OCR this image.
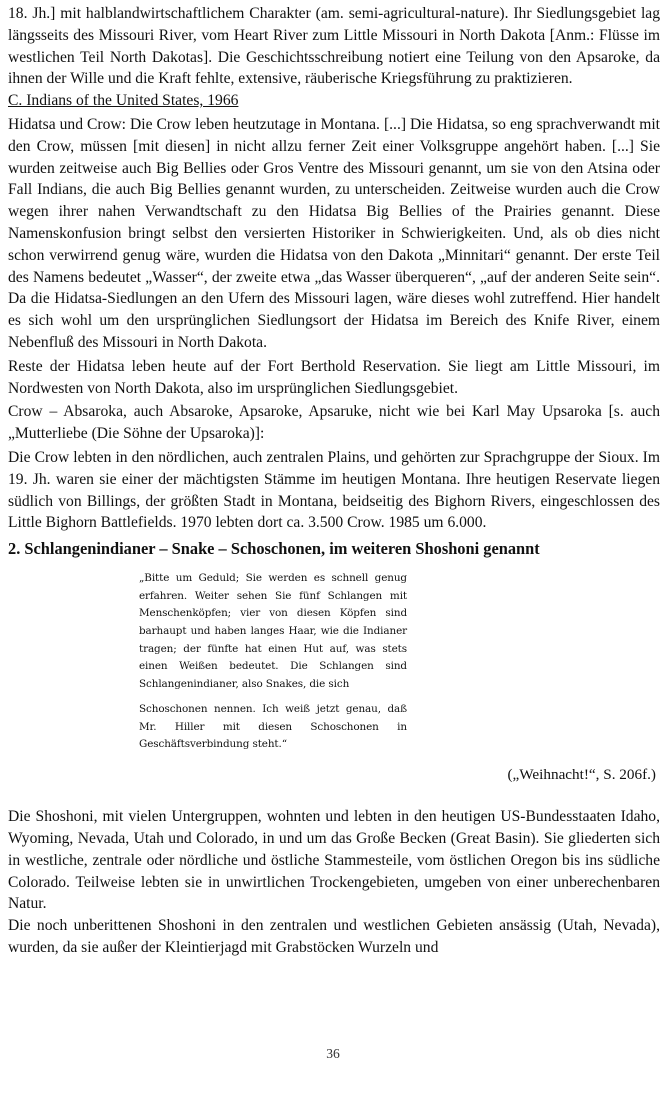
18. Jh.] mit halblandwirtschaftlichem Charakter (am. semi-agricultural-nature). Ihr Siedlungsgebiet lag längsseits des Missouri River, vom Heart River zum Little Missouri in North Dakota [Anm.: Flüsse im westlichen Teil North Dakotas]. Die Geschichtsschreibung notiert eine Teilung von den Apsaroke, da ihnen der Wille und die Kraft fehlte, extensive, räuberische Kriegsführung zu praktizieren.

C. Indians of the United States, 1966

Hidatsa und Crow: Die Crow leben heutzutage in Montana. [...] Die Hidatsa, so eng sprachverwandt mit den Crow, müssen [mit diesen] in nicht allzu ferner Zeit einer Volksgruppe angehört haben. [...] Sie wurden zeitweise auch Big Bellies oder Gros Ventre des Missouri genannt, um sie von den Atsina oder Fall Indians, die auch Big Bellies genannt wurden, zu unterscheiden. Zeitweise wurden auch die Crow wegen ihrer nahen Verwandtschaft zu den Hidatsa Big Bellies of the Prairies genannt. Diese Namenskonfusion bringt selbst den versierten Historiker in Schwierigkeiten. Und, als ob dies nicht schon verwirrend genug wäre, wurden die Hidatsa von den Dakota „Minnitari“ genannt. Der erste Teil des Namens bedeutet „Wasser“, der zweite etwa „das Wasser überqueren“, „auf der anderen Seite sein“. Da die Hidatsa-Siedlungen an den Ufern des Missouri lagen, wäre dieses wohl zutreffend. Hier handelt es sich wohl um den ursprünglichen Siedlungsort der Hidatsa im Bereich des Knife River, einem Nebenfluß des Missouri in North Dakota.

Reste der Hidatsa leben heute auf der Fort Berthold Reservation. Sie liegt am Little Missouri, im Nordwesten von North Dakota, also im ursprünglichen Siedlungsgebiet.

Crow – Absaroka, auch Absaroke, Apsaroke, Apsaruke, nicht wie bei Karl May Upsaroka [s. auch „Mutterliebe (Die Söhne der Upsaroka)]:

Die Crow lebten in den nördlichen, auch zentralen Plains, und gehörten zur Sprachgruppe der Sioux. Im 19. Jh. waren sie einer der mächtigsten Stämme im heutigen Montana. Ihre heutigen Reservate liegen südlich von Billings, der größten Stadt in Montana, beidseitig des Bighorn Rivers, eingeschlossen des Little Bighorn Battlefields. 1970 lebten dort ca. 3.500 Crow. 1985 um 6.000.

2. Schlangenindianer – Snake – Schoschonen, im weiteren Shoshoni genannt
„Bitte um Geduld; Sie werden es schnell genug erfahren. Weiter sehen Sie fünf Schlangen mit Menschenköpfen; vier von diesen Köpfen sind barhaupt und haben langes Haar, wie die Indianer tragen; der fünfte hat einen Hut auf, was stets einen Weißen bedeutet. Die Schlangen sind Schlangenindianer, also Snakes, die sich
Schoschonen nennen. Ich weiß jetzt genau, daß Mr. Hiller mit diesen Schoschonen in Geschäftsverbindung steht.“
(„Weihnacht!“, S. 206f.)

Die Shoshoni, mit vielen Untergruppen, wohnten und lebten in den heutigen US-Bundesstaaten Idaho, Wyoming, Nevada, Utah und Colorado, in und um das Große Becken (Great Basin). Sie gliederten sich in westliche, zentrale oder nördliche und östliche Stammesteile, vom östlichen Oregon bis ins südliche Colorado. Teilweise lebten sie in unwirtlichen Trockengebieten, umgeben von einer unberechenbaren Natur.

Die noch unberittenen Shoshoni in den zentralen und westlichen Gebieten ansässig (Utah, Nevada), wurden, da sie außer der Kleintierjagd mit Grabstöcken Wurzeln und

36
